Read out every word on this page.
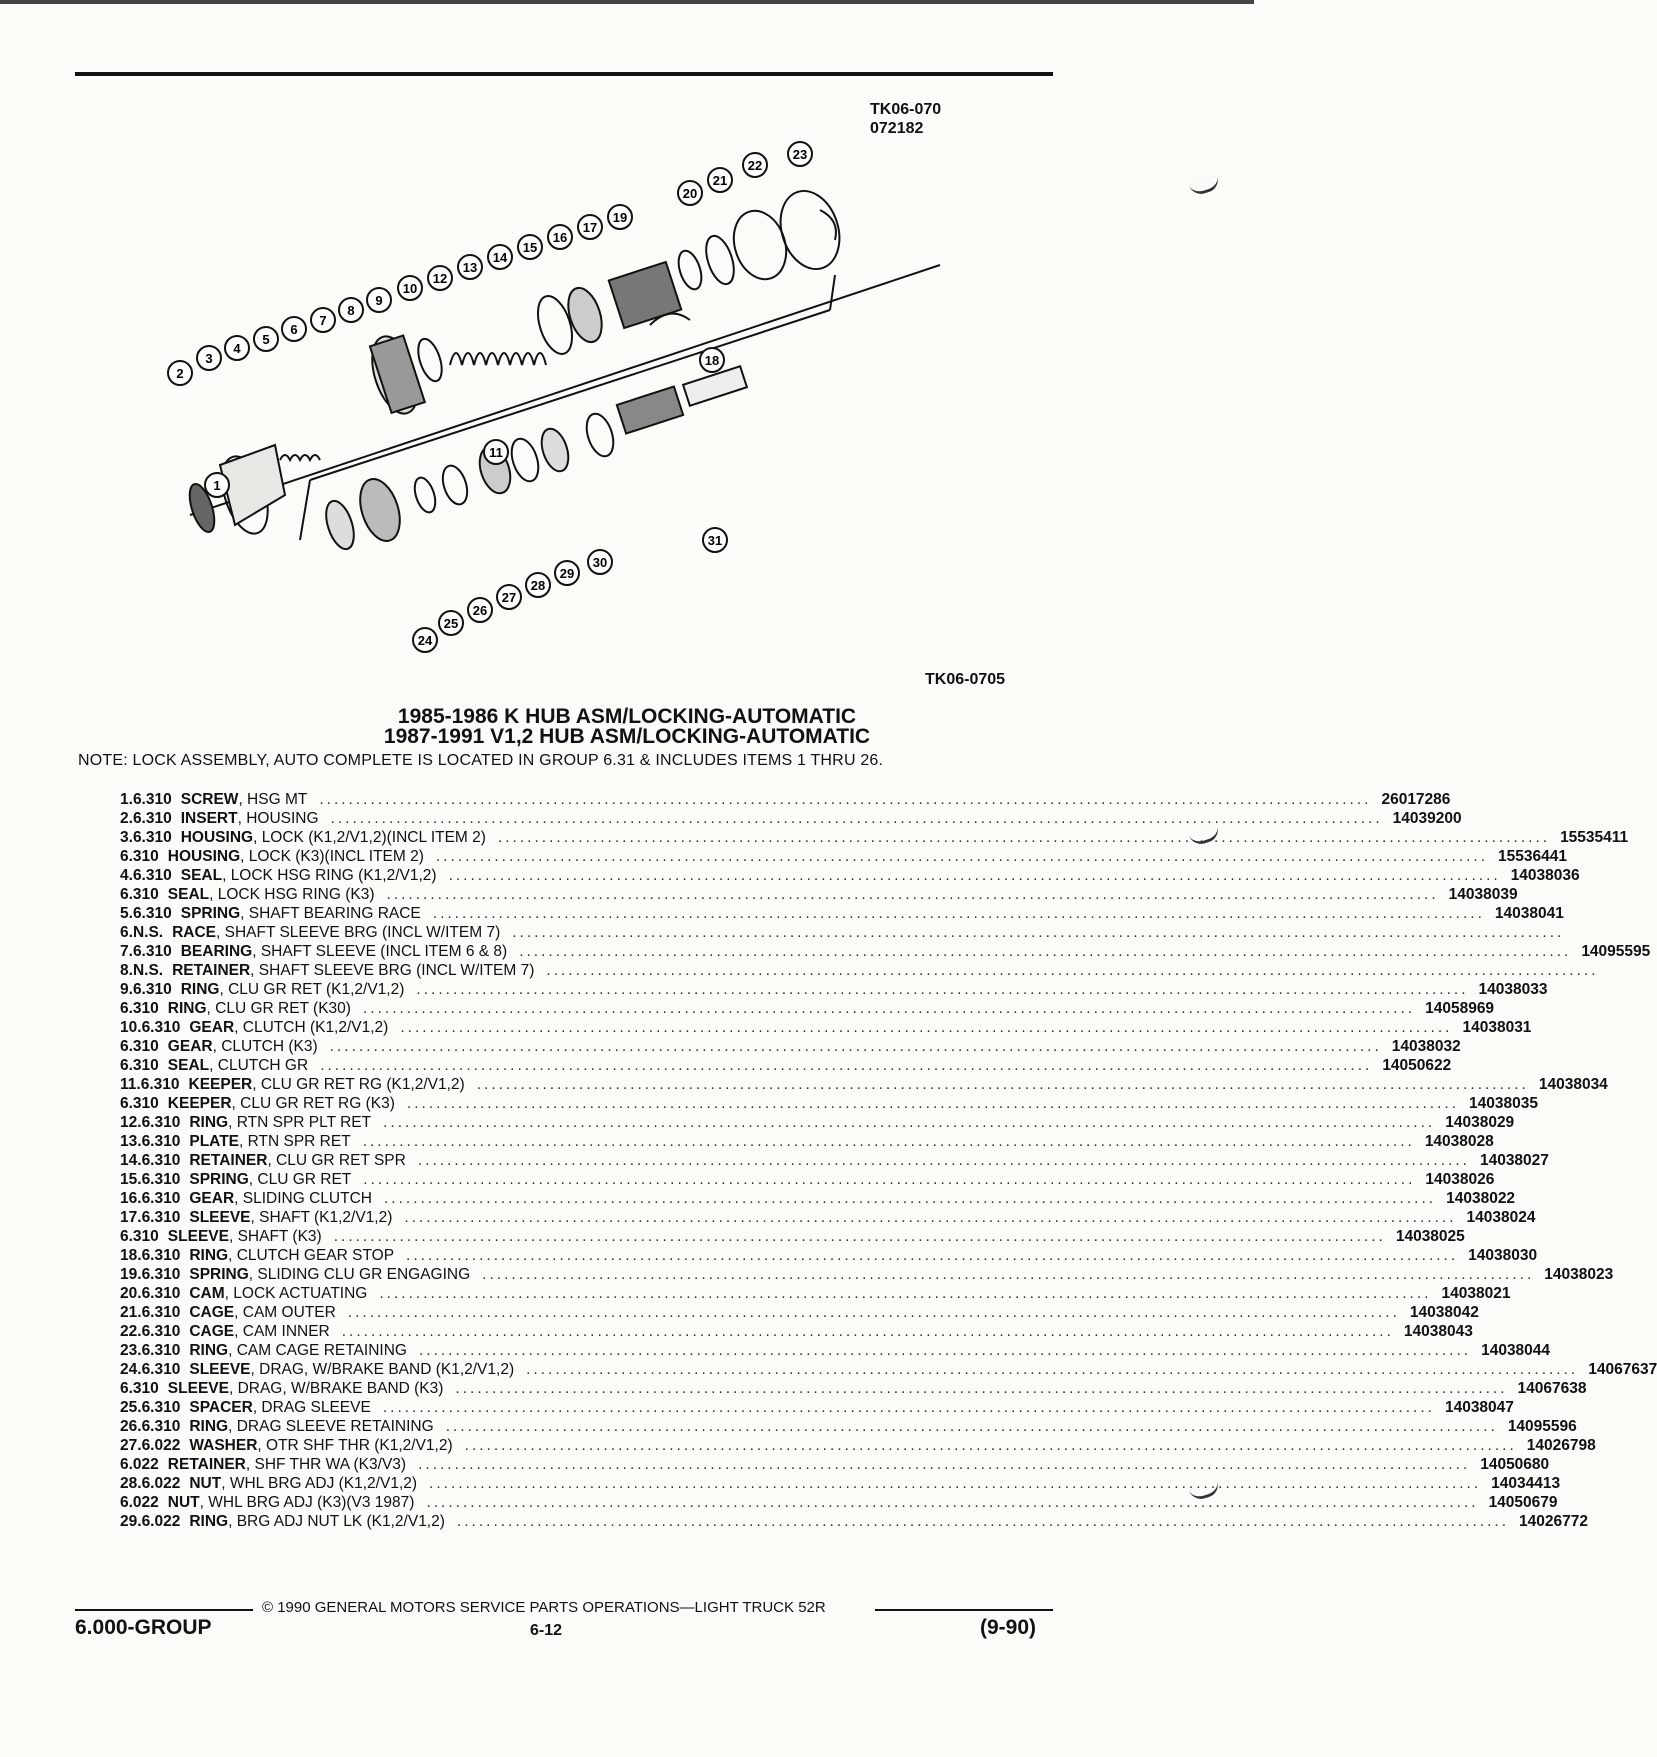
TK06-070
072182
1
2
3
4
5
6
7
8
9
10
11
12
13
14
15
16
17
18
19
20
21
22
23
24
25
26
27
28
29
30
31
TK06-0705
1985-1986 K HUB ASM/LOCKING-AUTOMATIC
1987-1991 V1,2 HUB ASM/LOCKING-AUTOMATIC
NOTE: LOCK ASSEMBLY, AUTO COMPLETE IS LOCATED IN GROUP 6.31 & INCLUDES ITEMS 1 THRU 26.
1. 6.310 SCREW , HSG MT .....	26017286
2. 6.310 INSERT , HOUSING .....	14039200
3. 6.310 HOUSING , LOCK (K1,2/V1,2)(INCL ITEM 2) .....	15535411
6.310 HOUSING , LOCK (K3)(INCL ITEM 2) .....	15536441
4. 6.310 SEAL , LOCK HSG RING (K1,2/V1,2) .....	14038036
6.310 SEAL , LOCK HSG RING (K3) .....	14038039
5. 6.310 SPRING , SHAFT BEARING RACE .....	14038041
6. N.S. RACE , SHAFT SLEEVE BRG (INCL W/ITEM 7)
.....
7. 6.310 BEARING , SHAFT SLEEVE (INCL ITEM 6 & 8) .....	14095595
8. N.S. RETAINER , SHAFT SLEEVE BRG (INCL W/ITEM 7)
.....
9. 6.310 RING , CLU GR RET (K1,2/V1,2) .....	14038033
6.310 RING , CLU GR RET (K30) .....	14058969
10. 6.310 GEAR , CLUTCH (K1,2/V1,2) .....	14038031
6.310 GEAR , CLUTCH (K3) .....	14038032
6.310 SEAL , CLUTCH GR .....	14050622
11. 6.310 KEEPER , CLU GR RET RG (K1,2/V1,2) .....	14038034
6.310 KEEPER , CLU GR RET RG (K3) .....	14038035
12. 6.310 RING , RTN SPR PLT RET .....	14038029
13. 6.310 PLATE , RTN SPR RET .....	14038028
14. 6.310 RETAINER , CLU GR RET SPR .....	14038027
15. 6.310 SPRING , CLU GR RET .....	14038026
16. 6.310 GEAR , SLIDING CLUTCH .....	14038022
17. 6.310 SLEEVE , SHAFT (K1,2/V1,2) .....	14038024
6.310 SLEEVE , SHAFT (K3) .....	14038025
18. 6.310 RING , CLUTCH GEAR STOP .....	14038030
19. 6.310 SPRING , SLIDING CLU GR ENGAGING .....	14038023
20. 6.310 CAM , LOCK ACTUATING .....	14038021
21. 6.310 CAGE , CAM OUTER .....	14038042
22. 6.310 CAGE , CAM INNER .....	14038043
23. 6.310 RING , CAM CAGE RETAINING .....	14038044
24. 6.310 SLEEVE , DRAG, W/BRAKE BAND (K1,2/V1,2) .....	14067637
6.310 SLEEVE , DRAG, W/BRAKE BAND (K3) .....	14067638
25. 6.310 SPACER , DRAG SLEEVE .....	14038047
26. 6.310 RING , DRAG SLEEVE RETAINING .....	14095596
27. 6.022 WASHER , OTR SHF THR (K1,2/V1,2) .....	14026798
6.022 RETAINER , SHF THR WA (K3/V3) .....	14050680
28. 6.022 NUT , WHL BRG ADJ (K1,2/V1,2) .....	14034413
6.022 NUT , WHL BRG ADJ (K3)(V3 1987) .....	14050679
29. 6.022 RING , BRG ADJ NUT LK (K1,2/V1,2) .....	14026772
© 1990 GENERAL MOTORS SERVICE PARTS OPERATIONS—LIGHT TRUCK 52R
6.000-GROUP	6-12	(9-90)
